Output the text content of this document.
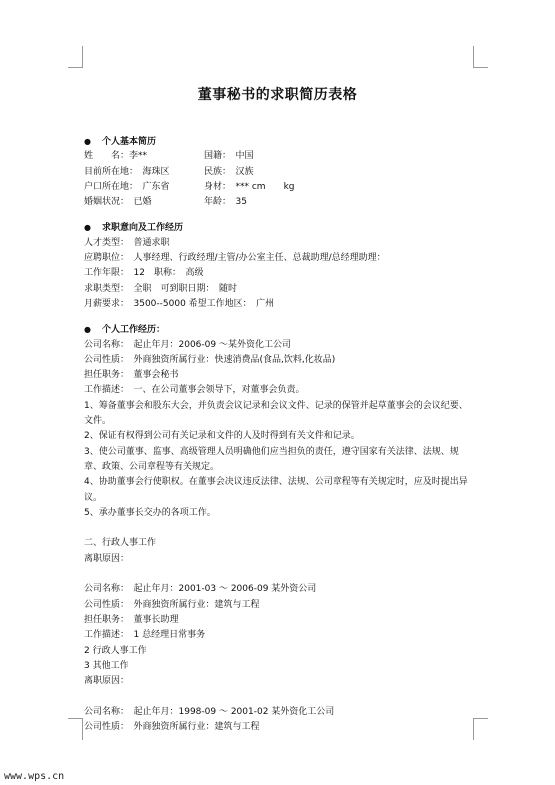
董事秘书的求职简历表格
● 个人基本简历
姓　　名：李**	国籍：　中国
目前所在地：　海珠区	民族：　汉族
户口所在地：　广东省	身材：　*** cm　　kg
婚姻状况：　已婚	年龄：　35
● 求职意向及工作经历
人才类型：　普通求职
应聘职位：　人事经理、行政经理/主管/办公室主任、总裁助理/总经理助理：
工作年限：　12　职称：　高级
求职类型：　全职　可到职日期：　随时
月薪要求：　3500--5000 希望工作地区：　广州
● 个人工作经历：
公司名称：　起止年月：2006-09 ～某外资化工公司
公司性质：　外商独资所属行业：快速消费品(食品,饮料,化妆品)
担任职务：　董事会秘书
工作描述：　一、在公司董事会领导下，对董事会负责。
1、筹备董事会和股东大会，并负责会议记录和会议文件、记录的保管并起草董事会的会议纪要、文件。
2、保证有权得到公司有关记录和文件的人及时得到有关文件和记录。
3、使公司董事、监事、高级管理人员明确他们应当担负的责任，遵守国家有关法律、法规、规章、政策、公司章程等有关规定。
4、协助董事会行使职权。在董事会决议违反法律、法规、公司章程等有关规定时，应及时提出异议。
5、承办董事长交办的各项工作。
二、行政人事工作
离职原因：
公司名称：　起止年月：2001-03 ～ 2006-09 某外资公司
公司性质：　外商独资所属行业：建筑与工程
担任职务：　董事长助理
工作描述：　1 总经理日常事务
2 行政人事工作
3 其他工作
离职原因：
公司名称：　起止年月：1998-09 ～ 2001-02 某外资化工公司
公司性质：　外商独资所属行业：建筑与工程
www.wps.cn
